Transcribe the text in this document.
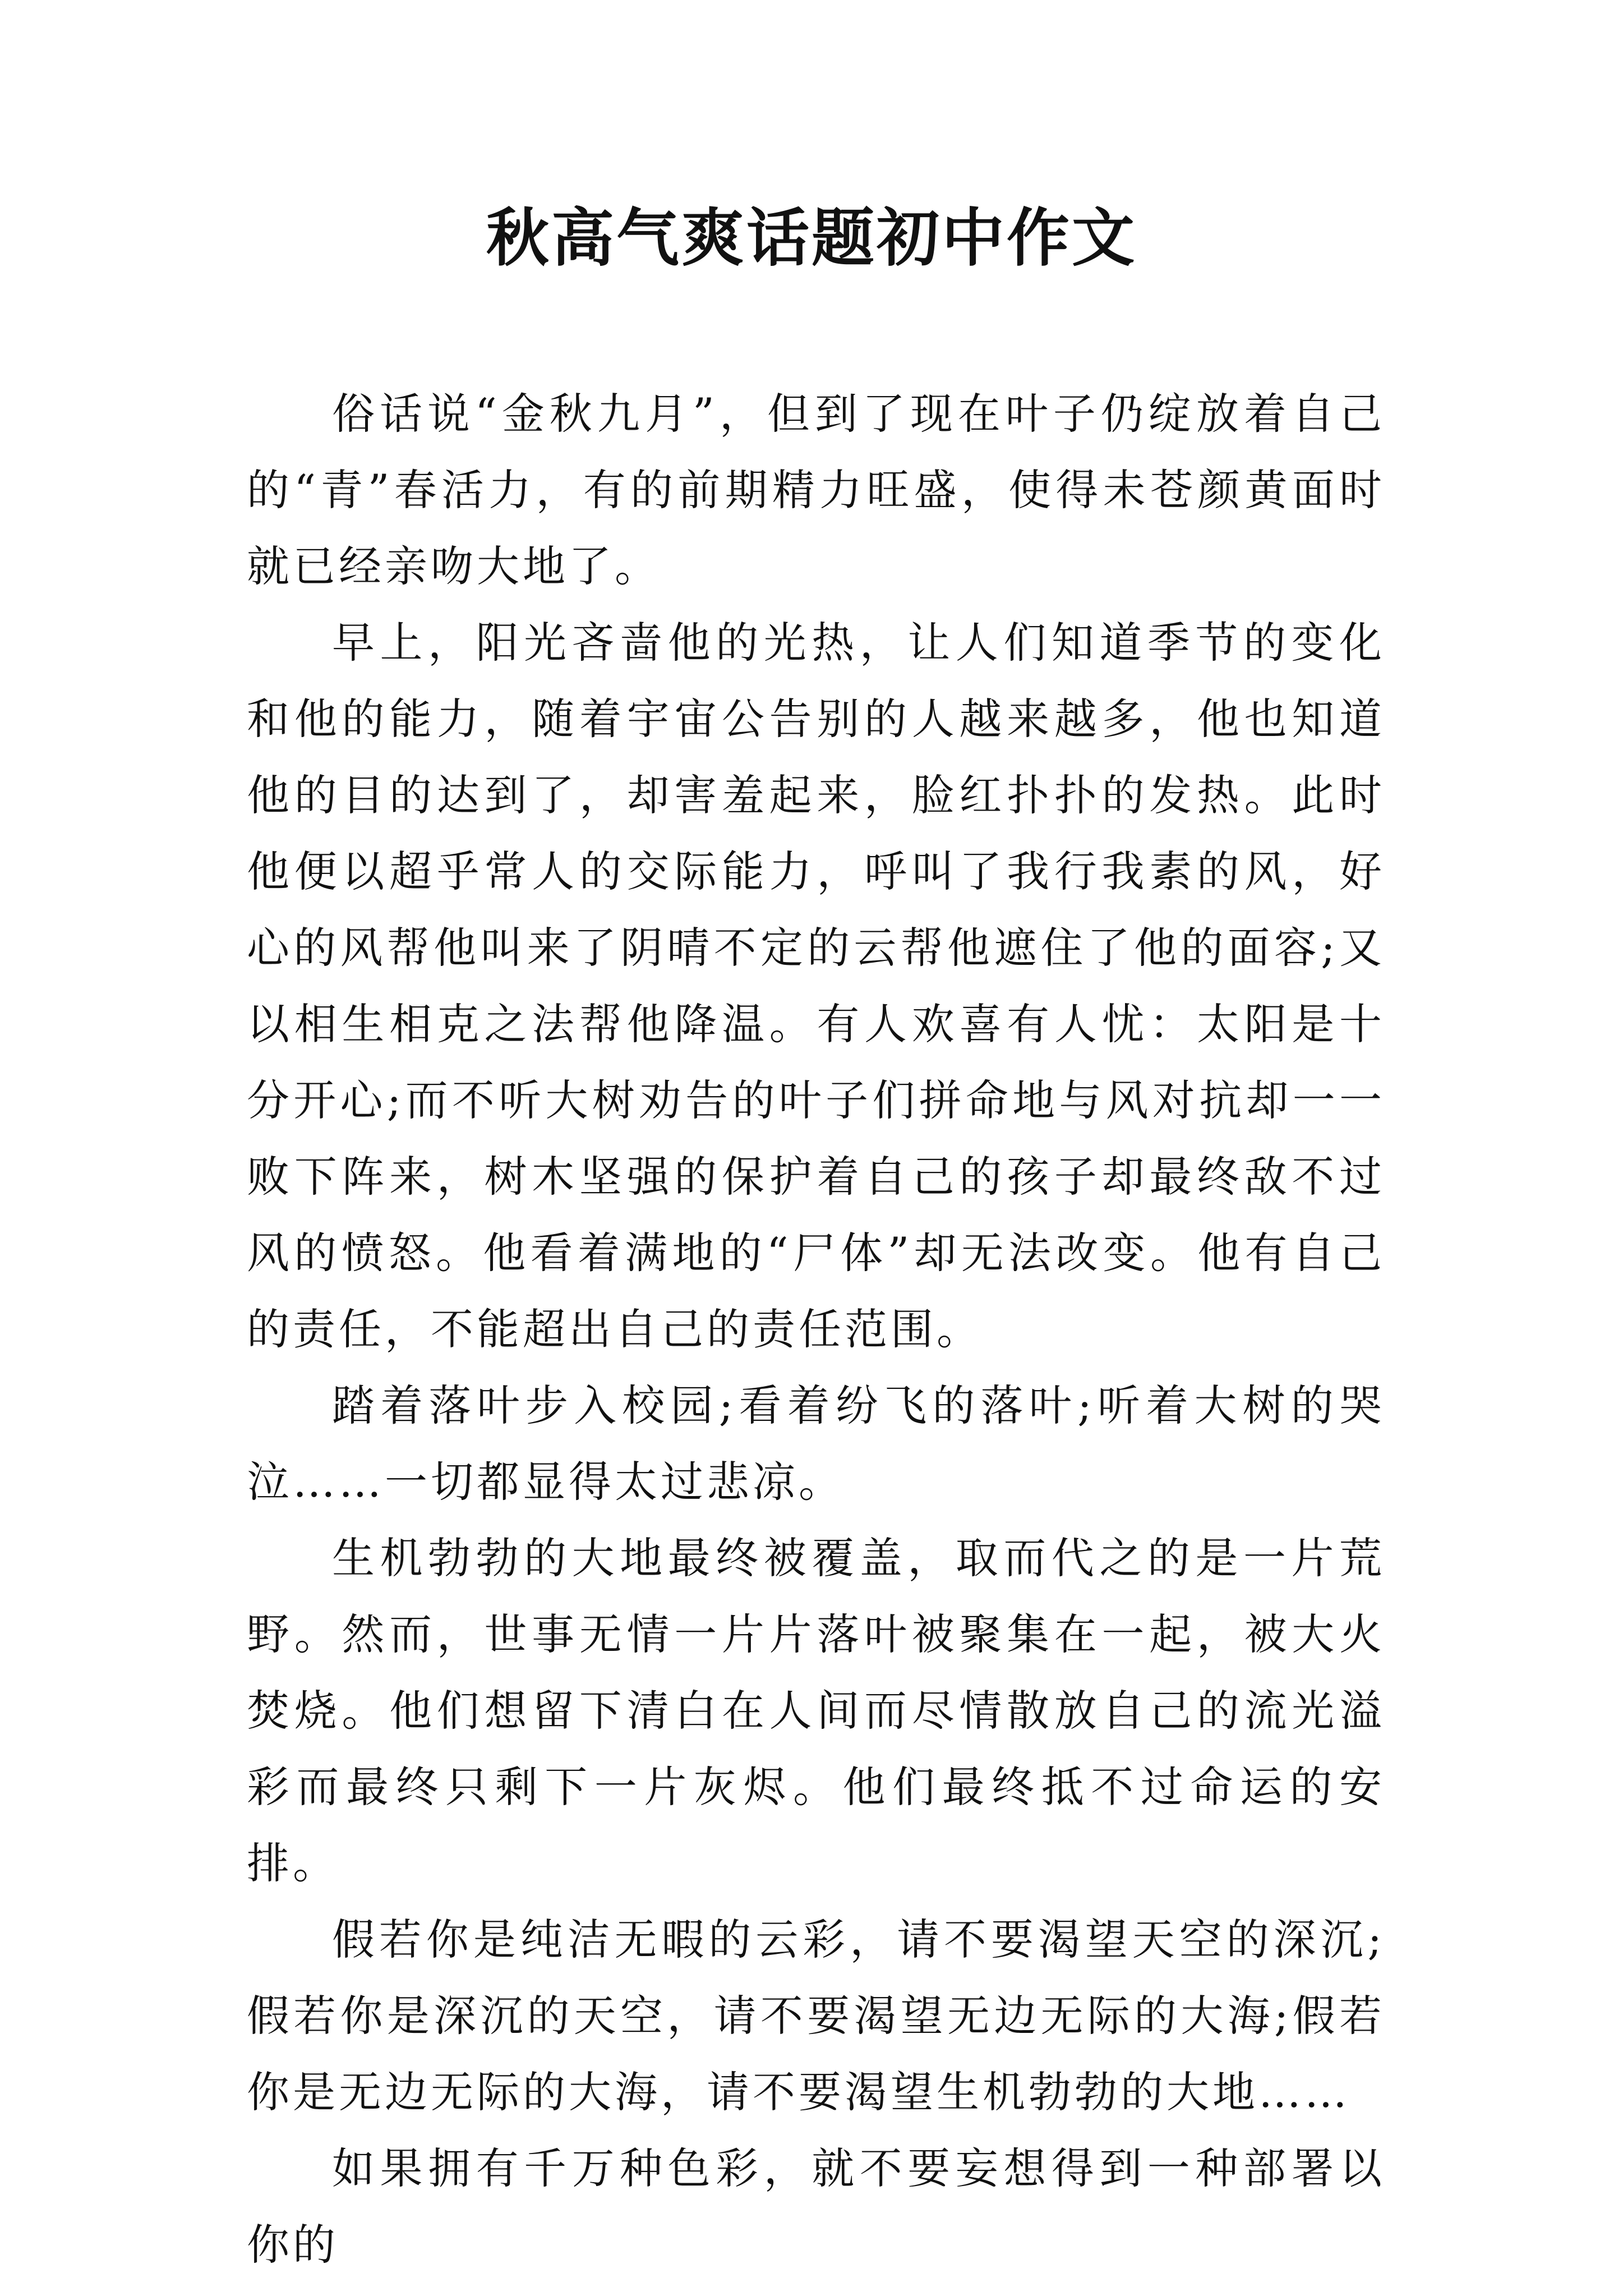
秋高气爽话题初中作文

俗话说“金秋九月”，但到了现在叶子仍绽放着自己的“青”春活力，有的前期精力旺盛，使得未苍颜黄面时就已经亲吻大地了。

早上，阳光吝啬他的光热，让人们知道季节的变化和他的能力，随着宇宙公告别的人越来越多，他也知道他的目的达到了，却害羞起来，脸红扑扑的发热。此时他便以超乎常人的交际能力，呼叫了我行我素的风，好心的风帮他叫来了阴晴不定的云帮他遮住了他的面容;又以相生相克之法帮他降温。有人欢喜有人忧：太阳是十分开心;而不听大树劝告的叶子们拼命地与风对抗却一一败下阵来，树木坚强的保护着自己的孩子却最终敌不过风的愤怒。他看着满地的“尸体”却无法改变。他有自己的责任，不能超出自己的责任范围。

踏着落叶步入校园;看着纷飞的落叶;听着大树的哭泣……一切都显得太过悲凉。

生机勃勃的大地最终被覆盖，取而代之的是一片荒野。然而，世事无情一片片落叶被聚集在一起，被大火焚烧。他们想留下清白在人间而尽情散放自己的流光溢彩而最终只剩下一片灰烬。他们最终抵不过命运的安排。

假若你是纯洁无暇的云彩，请不要渴望天空的深沉;假若你是深沉的天空，请不要渴望无边无际的大海;假若你是无边无际的大海，请不要渴望生机勃勃的大地……

如果拥有千万种色彩，就不要妄想得到一种部署以你的
